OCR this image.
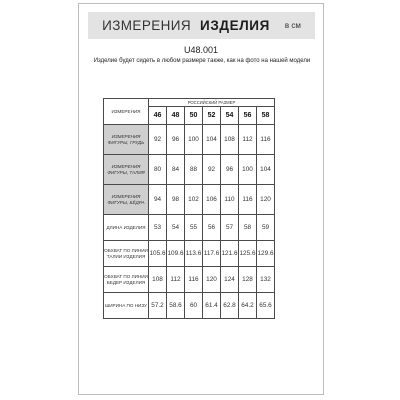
ИЗМЕРЕНИЯ ИЗДЕЛИЯ в см
U48.001
Изделие будет сидеть в любом размере также, как на фото на нашей модели
ИЗМЕРЕНИЯ	РОССИЙСКИЙ РАЗМЕР						
	46	48	50	52	54	56	58
ИЗМЕРЕНИЯ ФИГУРЫ, ГРУДЬ	92	96	100	104	108	112	116
ИЗМЕРЕНИЯ ФИГУРЫ, ТАЛИЯ	80	84	88	92	96	100	104
ИЗМЕРЕНИЯ ФИГУРЫ, БЁДРА	94	98	102	106	110	116	120
ДЛИНА ИЗДЕЛИЯ	53	54	55	56	57	58	59
ОБХВАТ ПО ЛИНИИ ТАЛИИ ИЗДЕЛИЯ	105.6	109.6	113.6	117.6	121.6	125.6	129.6
ОБХВАТ ПО ЛИНИИ БЕДЕР ИЗДЕЛИЯ	108	112	116	120	124	128	132
ШИРИНА ПО НИЗУ	57.2	58.6	60	61.4	62.8	64.2	65.6
